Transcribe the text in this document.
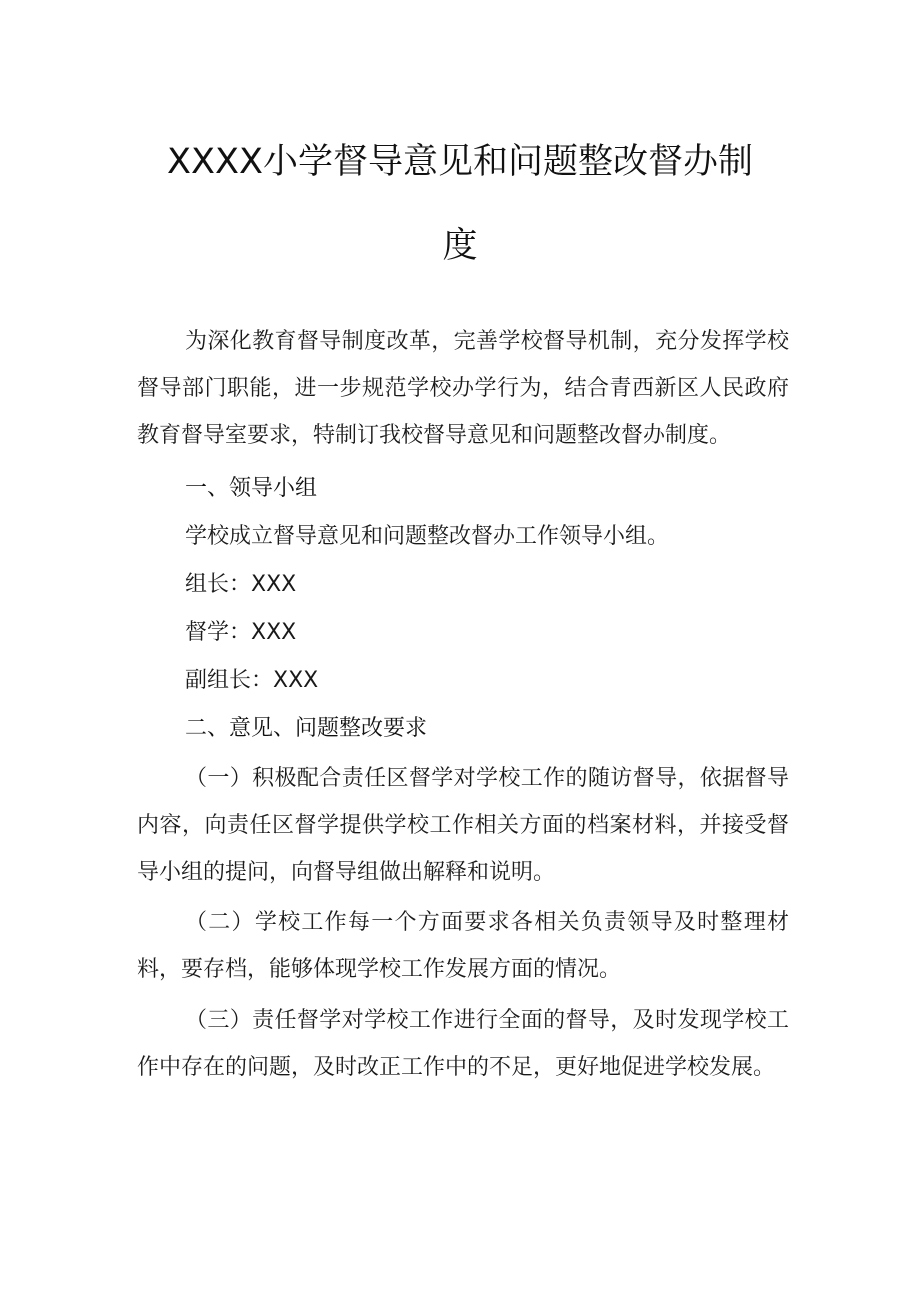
XXXX小学督导意见和问题整改督办制
度

为深化教育督导制度改革，完善学校督导机制，充分发挥学校督导部门职能，进一步规范学校办学行为，结合青西新区人民政府教育督导室要求，特制订我校督导意见和问题整改督办制度。

一、领导小组
学校成立督导意见和问题整改督办工作领导小组。
组长：XXX
督学：XXX
副组长：XXX
二、意见、问题整改要求

（一）积极配合责任区督学对学校工作的随访督导，依据督导内容，向责任区督学提供学校工作相关方面的档案材料，并接受督导小组的提问，向督导组做出解释和说明。

（二）学校工作每一个方面要求各相关负责领导及时整理材料，要存档，能够体现学校工作发展方面的情况。

（三）责任督学对学校工作进行全面的督导，及时发现学校工作中存在的问题，及时改正工作中的不足，更好地促进学校发展。
